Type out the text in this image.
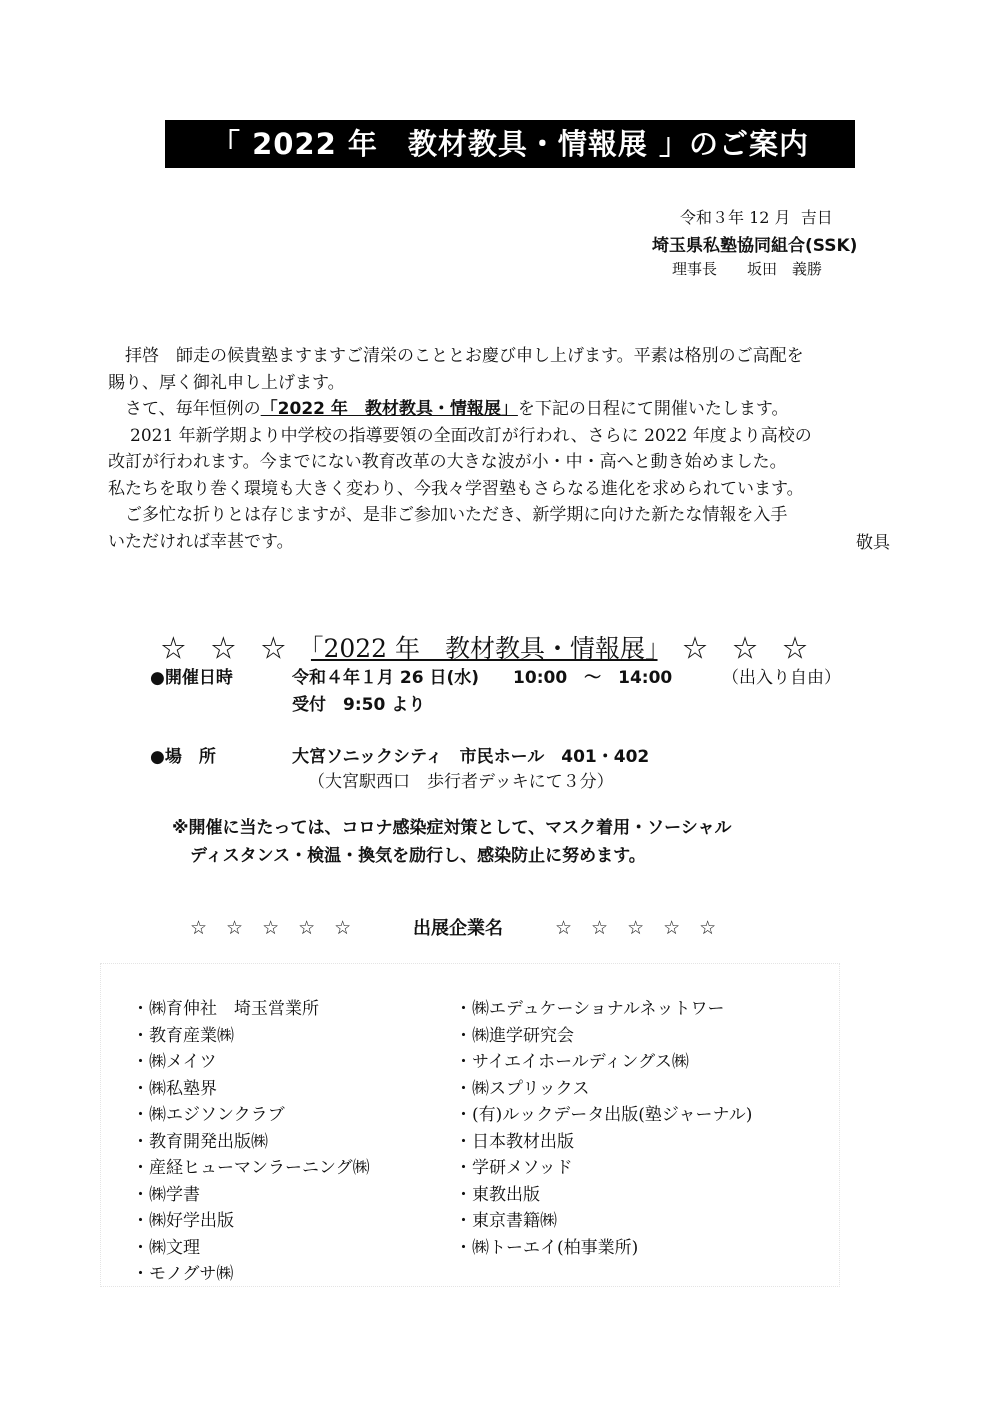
「 2022 年　教材教具・情報展 」のご案内
令和３年 12 月  吉日
埼玉県私塾協同組合(SSK)
理事長　　坂田　義勝
　拝啓　師走の候貴塾ますますご清栄のこととお慶び申し上げます。平素は格別のご高配を
賜り、厚く御礼申し上げます。
　さて、毎年恒例の「2022 年　教材教具・情報展」を下記の日程にて開催いたします。
2021 年新学期より中学校の指導要領の全面改訂が行われ、さらに 2022 年度より高校の
改訂が行われます。今までにない教育改革の大きな波が小・中・高へと動き始めました。
私たちを取り巻く環境も大きく変わり、今我々学習塾もさらなる進化を求められています。
　ご多忙な折りとは存じますが、是非ご参加いただき、新学期に向けた新たな情報を入手
いただければ幸甚です。	敬具

☆　☆　☆　 「2022 年　教材教具・情報展」　 ☆　☆　☆

●開催日時	令和４年１月 26 日(水)　　10:00　～　14:00	（出入り自由）
受付　9:50 より
●場　所	大宮ソニックシティ　市民ホール　401・402
（大宮駅西口　歩行者デッキにて３分）
※開催に当たっては、コロナ感染症対策として、マスク着用・ソーシャル
ディスタンス・検温・換気を励行し、感染防止に努めます。
☆　☆　☆　☆　☆	出展企業名	☆　☆　☆　☆　☆
・㈱育伸社　埼玉営業所
・教育産業㈱
・㈱メイツ
・㈱私塾界
・㈱エジソンクラブ
・教育開発出版㈱
・産経ヒューマンラーニング㈱
・㈱学書
・㈱好学出版
・㈱文理
・モノグサ㈱
・㈱エデュケーショナルネットワー
・㈱進学研究会
・サイエイホールディングス㈱
・㈱スプリックス
・(有)ルックデータ出版(塾ジャーナル)
・日本教材出版
・学研メソッド
・東教出版
・東京書籍㈱
・㈱トーエイ(柏事業所)
